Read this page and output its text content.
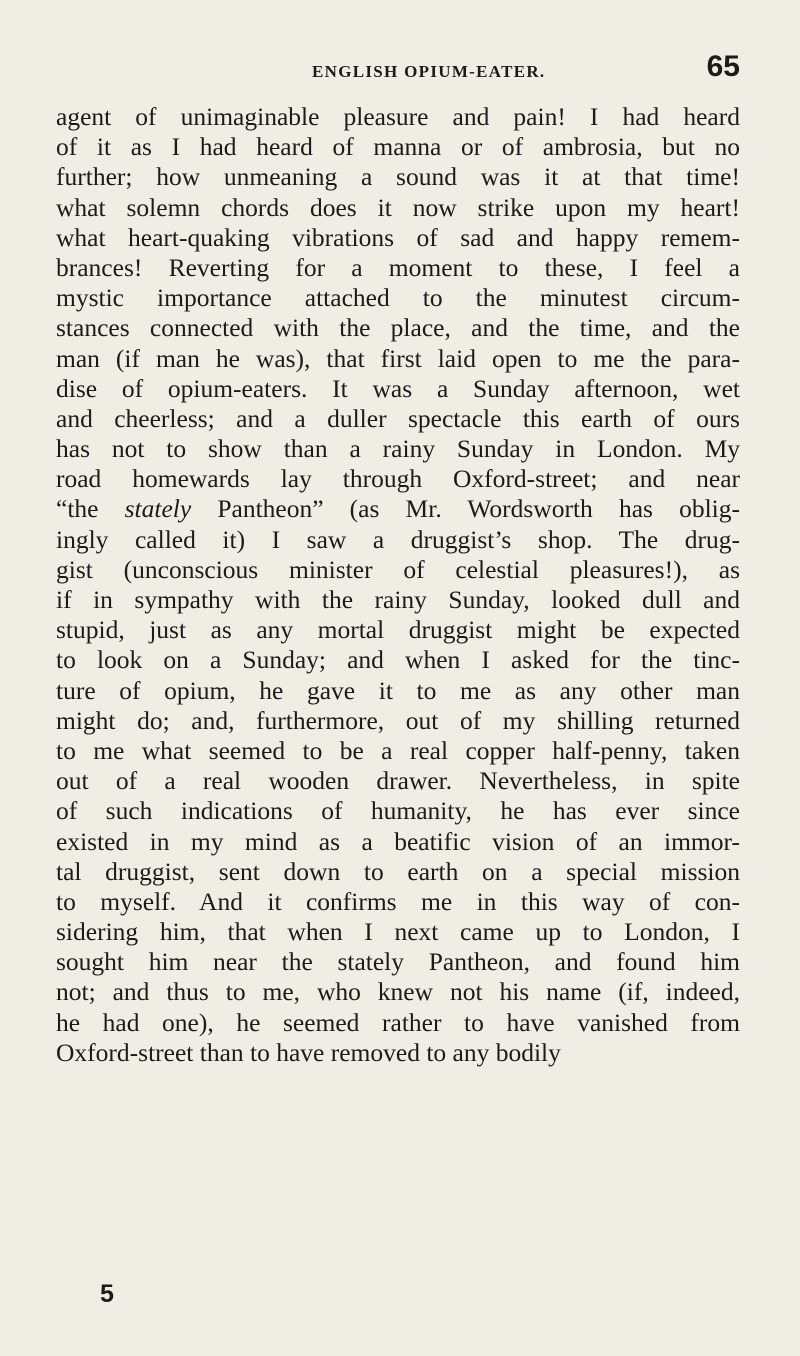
ENGLISH OPIUM-EATER.	65
agent of unimaginable pleasure and pain! I had heard
of it as I had heard of manna or of ambrosia, but no
further; how unmeaning a sound was it at that time!
what solemn chords does it now strike upon my heart!
what heart-quaking vibrations of sad and happy remem-
brances! Reverting for a moment to these, I feel a
mystic importance attached to the minutest circum-
stances connected with the place, and the time, and the
man (if man he was), that first laid open to me the para-
dise of opium-eaters. It was a Sunday afternoon, wet
and cheerless; and a duller spectacle this earth of ours
has not to show than a rainy Sunday in London. My
road homewards lay through Oxford-street; and near
“the stately Pantheon” (as Mr. Wordsworth has oblig-
ingly called it) I saw a druggist’s shop. The drug-
gist (unconscious minister of celestial pleasures!), as
if in sympathy with the rainy Sunday, looked dull and
stupid, just as any mortal druggist might be expected
to look on a Sunday; and when I asked for the tinc-
ture of opium, he gave it to me as any other man
might do; and, furthermore, out of my shilling returned
to me what seemed to be a real copper half-penny, taken
out of a real wooden drawer. Nevertheless, in spite
of such indications of humanity, he has ever since
existed in my mind as a beatific vision of an immor-
tal druggist, sent down to earth on a special mission
to myself. And it confirms me in this way of con-
sidering him, that when I next came up to London, I
sought him near the stately Pantheon, and found him
not; and thus to me, who knew not his name (if, indeed,
he had one), he seemed rather to have vanished from
Oxford-street than to have removed to any bodily
5
